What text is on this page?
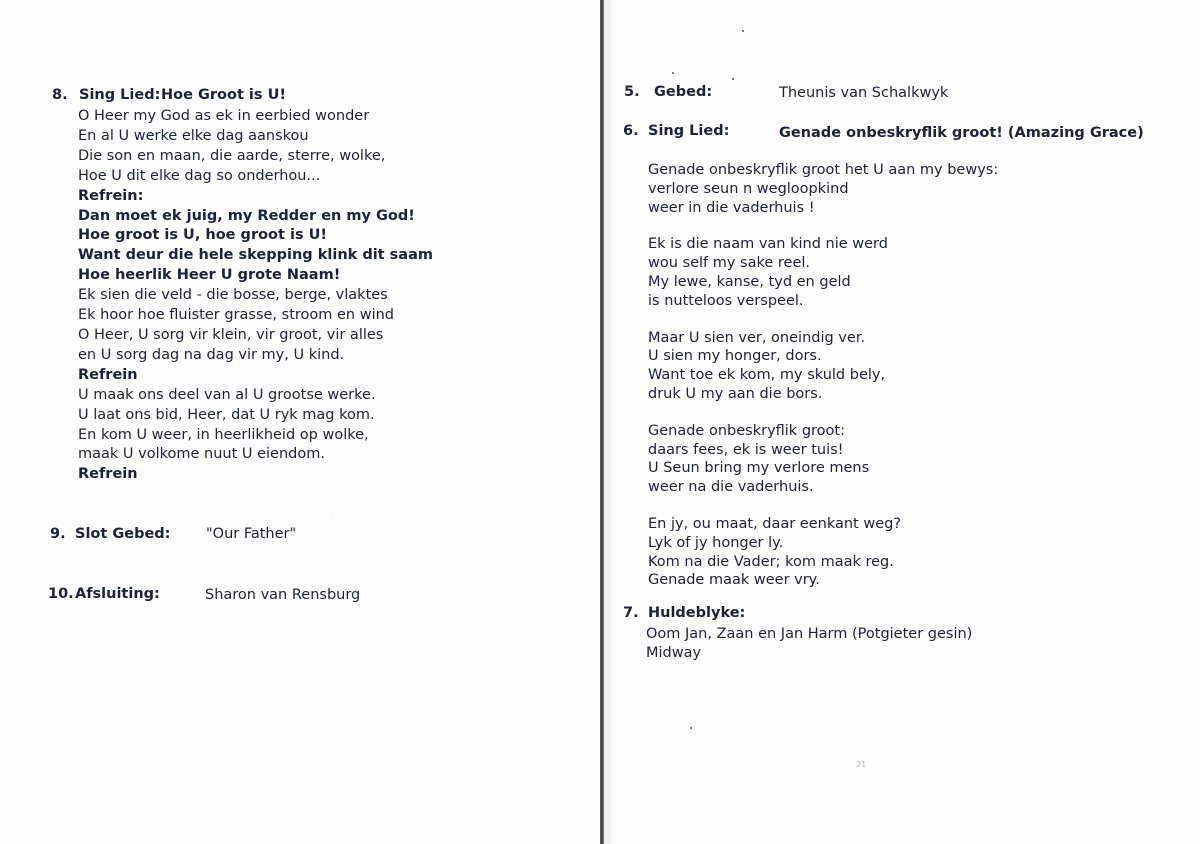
8. Sing Lied: Hoe Groot is U!
O Heer my God as ek in eerbied wonder
En al U werke elke dag aanskou
Die son en maan, die aarde, sterre, wolke,
Hoe U dit elke dag so onderhou...
Refrein:
Dan moet ek juig, my Redder en my God!
Hoe groot is U, hoe groot is U!
Want deur die hele skepping klink dit saam
Hoe heerlik Heer U grote Naam!
Ek sien die veld - die bosse, berge, vlaktes
Ek hoor hoe fluister grasse, stroom en wind
O Heer, U sorg vir klein, vir groot, vir alles
en U sorg dag na dag vir my, U kind.
Refrein
U maak ons deel van al U grootse werke.
U laat ons bid, Heer, dat U ryk mag kom.
En kom U weer, in heerlikheid op wolke,
maak U volkome nuut U eiendom.
Refrein
9. Slot Gebed: "Our Father"
10. Afsluiting:	Sharon van Rensburg
·
5. Gebed:	Theunis van Schalkwyk
6. Sing Lied:	Genade onbeskryflik groot! (Amazing Grace)
Genade onbeskryflik groot het U aan my bewys:
verlore seun n wegloopkind
weer in die vaderhuis !
Ek is die naam van kind nie werd
wou self my sake reel.
My lewe, kanse, tyd en geld
is nutteloos verspeel.
Maar U sien ver, oneindig ver.
U sien my honger, dors.
Want toe ek kom, my skuld bely,
druk U my aan die bors.
Genade onbeskryflik groot:
daars fees, ek is weer tuis!
U Seun bring my verlore mens
weer na die vaderhuis.
En jy, ou maat, daar eenkant weg?
Lyk of jy honger ly.
Kom na die Vader; kom maak reg.
Genade maak weer vry.
7. Huldeblyke:
Oom Jan, Zaan en Jan Harm (Potgieter gesin)
Midway
21
